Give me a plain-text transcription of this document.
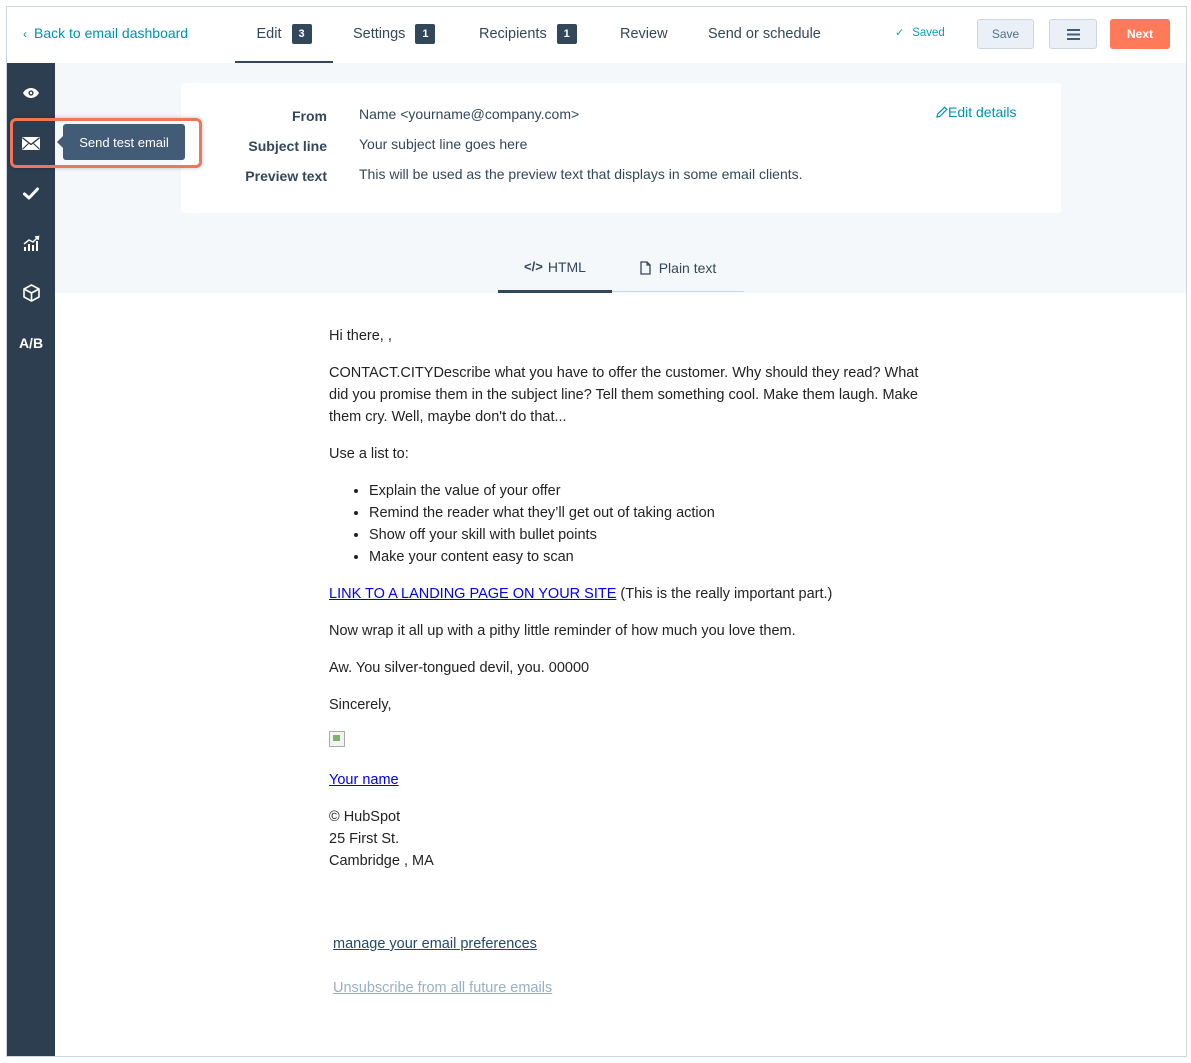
‹ Back to email dashboard	Edit	3	Settings	1	Recipients	1	Review	Send or schedule	✓ Saved	Save	Next
A/B
From Name <yourname@company.com>
Subject line Your subject line goes here
Preview text This will be used as the preview text that displays in some email clients.
Edit details
</> HTML	Plain text

Hi there, ,

CONTACT.CITYDescribe what you have to offer the customer. Why should they read? What did you promise them in the subject line? Tell them something cool. Make them laugh. Make them cry. Well, maybe don't do that...

Use a list to:

• Explain the value of your offer
• Remind the reader what they’ll get out of taking action
• Show off your skill with bullet points
• Make your content easy to scan

LINK TO A LANDING PAGE ON YOUR SITE (This is the really important part.)

Now wrap it all up with a pithy little reminder of how much you love them.

Aw. You silver-tongued devil, you. 00000

Sincerely,

Your name

© HubSpot
25 First St.
Cambridge , MA

manage your email preferences
Unsubscribe from all future emails
Send test email
